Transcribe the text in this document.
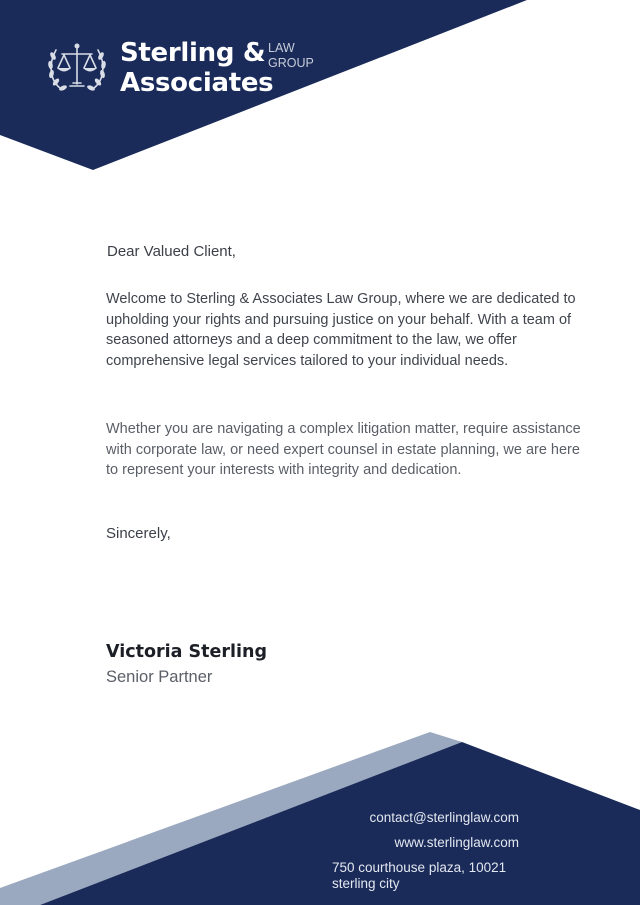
Sterling &
Associates
LAW
GROUP
Dear Valued Client,

Welcome to Sterling & Associates Law Group, where we are dedicated to upholding your rights and pursuing justice on your behalf. With a team of seasoned attorneys and a deep commitment to the law, we offer comprehensive legal services tailored to your individual needs.

Whether you are navigating a complex litigation matter, require assistance with corporate law, or need expert counsel in estate planning, we are here to represent your interests with integrity and dedication.

Sincerely,
Victoria Sterling
Senior Partner
contact@sterlinglaw.com
www.sterlinglaw.com
750 courthouse plaza, 10021
sterling city
